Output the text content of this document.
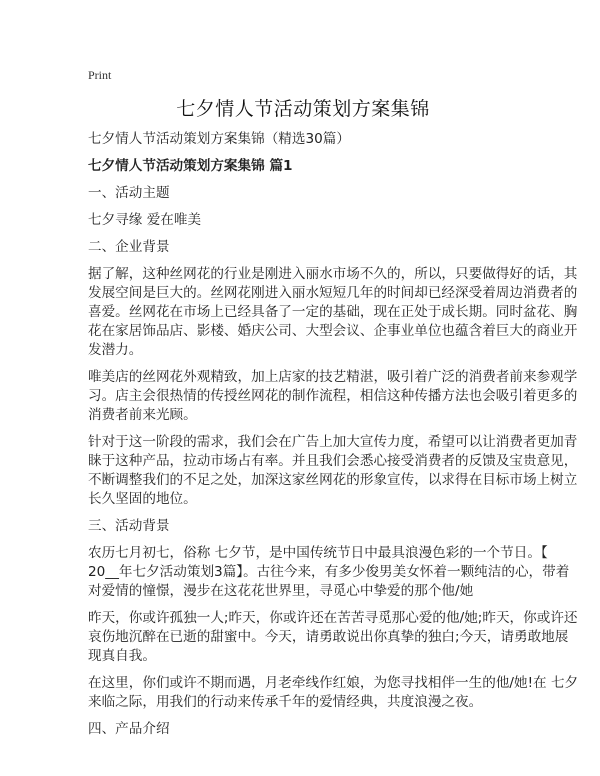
Print
七夕情人节活动策划方案集锦
七夕情人节活动策划方案集锦（精选30篇）
七夕情人节活动策划方案集锦 篇1
一、活动主题
七夕寻缘 爱在唯美
二、企业背景
据了解，这种丝网花的行业是刚进入丽水市场不久的，所以，只要做得好的话，其
发展空间是巨大的。丝网花刚进入丽水短短几年的时间却已经深受着周边消费者的
喜爱。丝网花在市场上已经具备了一定的基础，现在正处于成长期。同时盆花、胸
花在家居饰品店、影楼、婚庆公司、大型会议、企事业单位也蕴含着巨大的商业开
发潜力。
唯美店的丝网花外观精致，加上店家的技艺精湛，吸引着广泛的消费者前来参观学
习。店主会很热情的传授丝网花的制作流程，相信这种传播方法也会吸引着更多的
消费者前来光顾。
针对于这一阶段的需求，我们会在广告上加大宣传力度，希望可以让消费者更加青
睐于这种产品，拉动市场占有率。并且我们会悉心接受消费者的反馈及宝贵意见，
不断调整我们的不足之处，加深这家丝网花的形象宣传，以求得在目标市场上树立
长久坚固的地位。
三、活动背景
农历七月初七，俗称 七夕节，是中国传统节日中最具浪漫色彩的一个节日。【
20__年七夕活动策划3篇】。古往今来，有多少俊男美女怀着一颗纯洁的心，带着
对爱情的憧憬，漫步在这花花世界里，寻觅心中挚爱的那个他/她
昨天，你或许孤独一人;昨天，你或许还在苦苦寻觅那心爱的他/她;昨天，你或许还
哀伤地沉醉在已逝的甜蜜中。今天，请勇敢说出你真挚的独白;今天，请勇敢地展
现真自我。
在这里，你们或许不期而遇，月老牵线作红娘，为您寻找相伴一生的他/她!在 七夕
来临之际，用我们的行动来传承千年的爱情经典，共度浪漫之夜。
四、产品介绍
